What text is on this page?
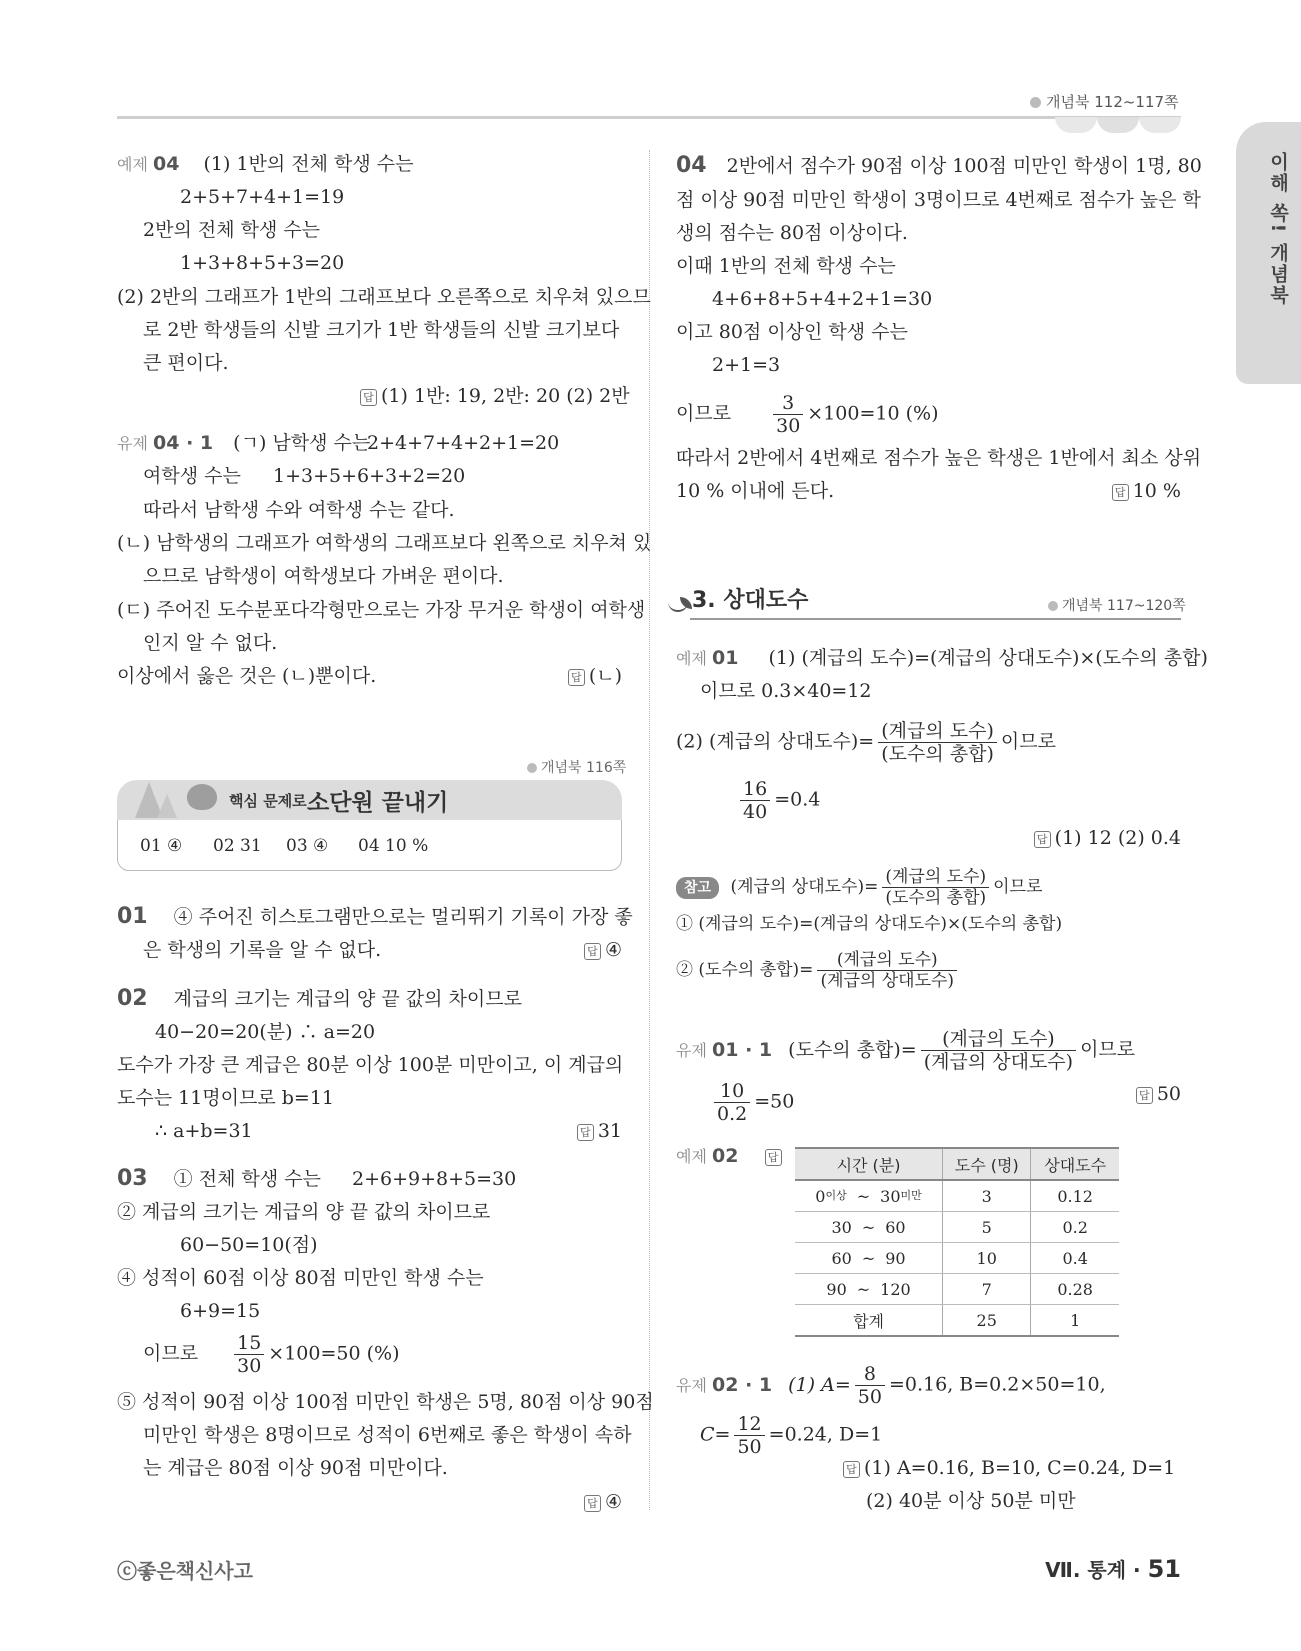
개념북 112~117쪽
이해 쏙! 개념북
예제 04 (1) 1반의 전체 학생 수는
2+5+7+4+1=19
2반의 전체 학생 수는
1+3+8+5+3=20
(2) 2반의 그래프가 1반의 그래프보다 오른쪽으로 치우쳐 있으므
로 2반 학생들의 신발 크기가 1반 학생들의 신발 크기보다
큰 편이다.
답 (1) 1반: 19, 2반: 20 (2) 2반
유제 04 · 1 (ㄱ) 남학생 수는
2+4+7+4+2+1=20
여학생 수는 1+3+5+6+3+2=20
따라서 남학생 수와 여학생 수는 같다.
(ㄴ) 남학생의 그래프가 여학생의 그래프보다 왼쪽으로 치우쳐 있
으므로 남학생이 여학생보다 가벼운 편이다.
(ㄷ) 주어진 도수분포다각형만으로는 가장 무거운 학생이 여학생
인지 알 수 없다.
이상에서 옳은 것은 (ㄴ)뿐이다.	답 (ㄴ)
개념북 116쪽
핵심 문제로 소단원 끝내기
01 ④ 02 31 03 ④ 04 10 %
01 ④ 주어진 히스토그램만으로는 멀리뛰기 기록이 가장 좋
은 학생의 기록을 알 수 없다.	답 ④
02 계급의 크기는 계급의 양 끝 값의 차이므로
40−20=20(분) ∴ a=20
도수가 가장 큰 계급은 80분 이상 100분 미만이고, 이 계급의
도수는 11명이므로 b=11
∴ a+b=31	답 31
03 ① 전체 학생 수는 2+6+9+8+5=30
② 계급의 크기는 계급의 양 끝 값의 차이므로
60−50=10(점)
④ 성적이 60점 이상 80점 미만인 학생 수는
6+9=15
이므로 $\frac{15}{30} \times 100=50$ (%)
⑤ 성적이 90점 이상 100점 미만인 학생은 5명, 80점 이상 90점
미만인 학생은 8명이므로 성적이 6번째로 좋은 학생이 속하
는 계급은 80점 이상 90점 미만이다.
답 ④
04 2반에서 점수가 90점 이상 100점 미만인 학생이 1명, 80
점 이상 90점 미만인 학생이 3명이므로 4번째로 점수가 높은 학
생의 점수는 80점 이상이다.
이때 1반의 전체 학생 수는
4+6+8+5+4+2+1=30
이고 80점 이상인 학생 수는
2+1=3
이므로 $\frac{3}{30} \times 100=10$ (%)
따라서 2반에서 4번째로 점수가 높은 학생은 1반에서 최소 상위
10 % 이내에 든다.	답 10 %
3. 상대도수	개념북 117~120쪽
예제 01 (1) (계급의 도수)=(계급의 상대도수)×(도수의 총합)
이므로 0.3×40=12
(2) (계급의 상대도수)= $\frac{\text{(계급의 도수)}}{\text{(도수의 총합)}}$ 이므로
$\frac{16}{40} =0.4$
답 (1) 12 (2) 0.4
참고 (계급의 상대도수)= $\frac{\text{(계급의 도수)}}{\text{(도수의 총합)}}$ 이므로
① (계급의 도수)=(계급의 상대도수)×(도수의 총합)
② (도수의 총합)= $\frac{\text{(계급의 도수)}}{\text{(계급의 상대도수)}}$
유제 01 · 1 (도수의 총합)= $\frac{\text{(계급의 도수)}}{\text{(계급의 상대도수)}}$ 이므로
$\frac{10}{0.2} =50$	답 50
예제 02	답	시간 (분)	도수 (명)	상대도수
$0^{이상}$ ~ $30^{미만}$	3	0.12
30 ~ 60	5	0.2
60 ~ 90	10	0.4
90 ~ 120	7	0.28
합계	25	1
유제 02 · 1 (1) $A= \frac{8}{50} =0.16$, B=0.2×50=10,
$C= \frac{12}{50} =0.24$, D=1
답 (1) A=0.16, B=10, C=0.24, D=1
(2) 40분 이상 50분 미만
ⓒ좋은책신사고	Ⅶ. 통계 · 51
